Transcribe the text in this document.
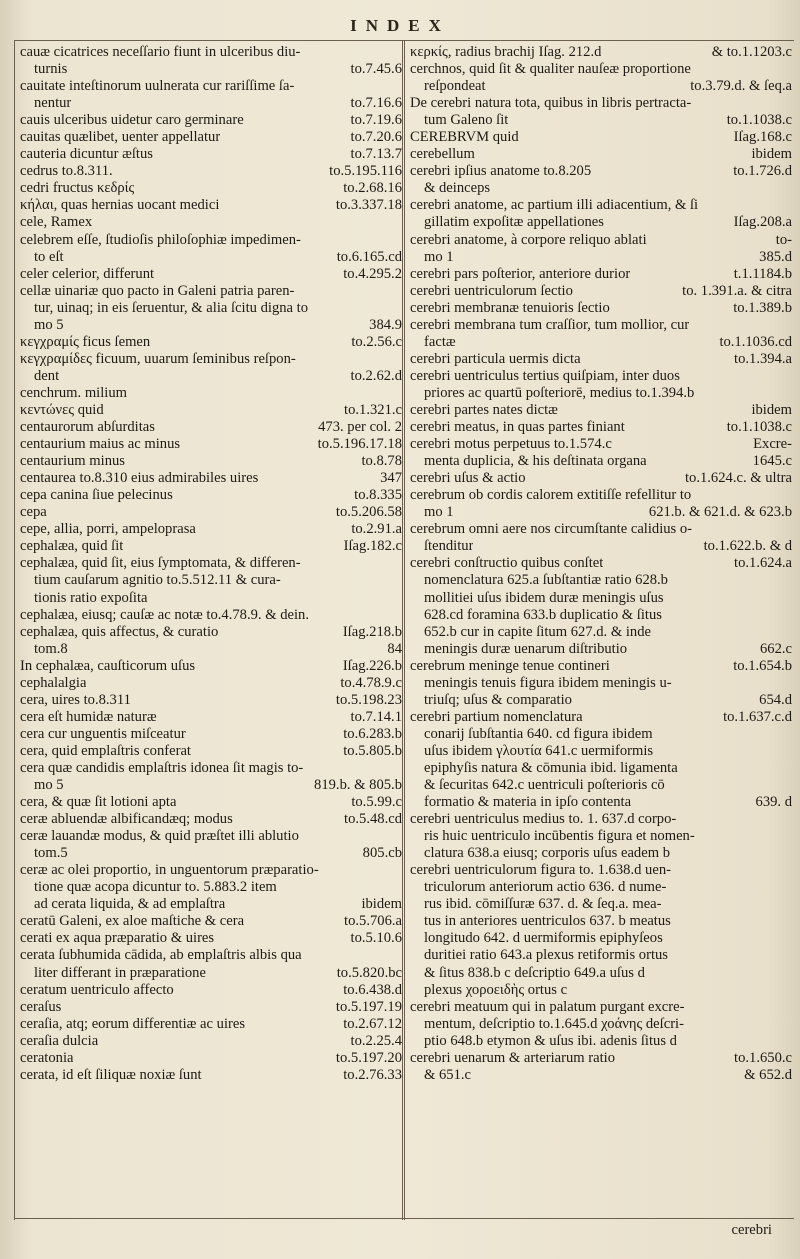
INDEX
cauæ cicatrices neceſſario fiunt in ulceribus diu-
turnis	to.7.45.6
cauitate inteſtinorum uulnerata cur rariſſime ſa-
nentur	to.7.16.6
cauis ulceribus uidetur caro germinare	to.7.19.6
cauitas quælibet, uenter appellatur	to.7.20.6
cauteria dicuntur æſtus	to.7.13.7
cedrus to.8.311.	to.5.195.116
cedri fructus κεδρίς	to.2.68.16
κήλαι, quas hernias uocant medici	to.3.337.18
cele, Ramex
celebrem eſſe, ſtudioſis philoſophiæ impedimen-
to eſt	to.6.165.cd
celer celerior, differunt	to.4.295.2
cellæ uinariæ quo pacto in Galeni patria paren-
tur, uinaq; in eis ſeruentur, & alia ſcitu digna to
mo 5	384.9
κεγχραμίς ficus ſemen	to.2.56.c
κεγχραμίδες ficuum, uuarum ſeminibus reſpon-
dent	to.2.62.d
cenchrum. milium
κεντώνες quid	to.1.321.c
centaurorum abſurditas	473. per col. 2
centaurium maius ac minus	to.5.196.17.18
centaurium minus	to.8.78
centaurea to.8.310 eius admirabiles uires	347
cepa canina ſiue pelecinus	to.8.335
cepa	to.5.206.58
cepe, allia, porri, ampeloprasa	to.2.91.a
cephalæa, quid ſit	Iſag.182.c
cephalæa, quid ſit, eius ſymptomata, & differen-
tium cauſarum agnitio to.5.512.11 & cura-
tionis ratio expoſita
cephalæa, eiusq; cauſæ ac notæ to.4.78.9. & dein.
cephalæa, quis affectus, & curatio	Iſag.218.b
tom.8	84
In cephalæa, cauſticorum uſus	Iſag.226.b
cephalalgia	to.4.78.9.c
cera, uires to.8.311	to.5.198.23
cera eſt humidæ naturæ	to.7.14.1
cera cur unguentis miſceatur	to.6.283.b
cera, quid emplaſtris conferat	to.5.805.b
cera quæ candidis emplaſtris idonea ſit magis to-
mo 5	819.b. & 805.b
cera, & quæ ſit lotioni apta	to.5.99.c
ceræ abluendæ albificandæq; modus	to.5.48.cd
ceræ lauandæ modus, & quid præſtet illi ablutio
tom.5	805.cb
ceræ ac olei proportio, in unguentorum præparatio-
tione quæ acopa dicuntur to. 5.883.2 item
ad cerata liquida, & ad emplaſtra	ibidem
ceratū Galeni, ex aloe maſtiche & cera	to.5.706.a
cerati ex aqua præparatio & uires	to.5.10.6
cerata ſubhumida cādida, ab emplaſtris albis qua
liter differant in præparatione	to.5.820.bc
ceratum uentriculo affecto	to.6.438.d
ceraſus	to.5.197.19
ceraſia, atq; eorum differentiæ ac uires	to.2.67.12
ceraſia dulcia	to.2.25.4
ceratonia	to.5.197.20
cerata, id eſt ſiliquæ noxiæ ſunt	to.2.76.33
κερκίς, radius brachij Iſag. 212.d	& to.1.1203.c
cerchnos, quid ſit & qualiter nauſeæ proportione
reſpondeat	to.3.79.d. & ſeq.a
De cerebri natura tota, quibus in libris pertracta-
tum Galeno ſit	to.1.1038.c
CEREBRVM quid	Iſag.168.c
cerebellum	ibidem
cerebri ipſius anatome to.8.205	to.1.726.d
& deinceps
cerebri anatome, ac partium illi adiacentium, & ſi
gillatim expoſitæ appellationes	Iſag.208.a
cerebri anatome, à corpore reliquo ablati	to-
mo 1	385.d
cerebri pars poſterior, anteriore durior	t.1.1184.b
cerebri uentriculorum ſectio	to. 1.391.a. & citra
cerebri membranæ tenuioris ſectio	to.1.389.b
cerebri membrana tum craſſior, tum mollior, cur
factæ	to.1.1036.cd
cerebri particula uermis dicta	to.1.394.a
cerebri uentriculus tertius quiſpiam, inter duos
priores ac quartū poſteriorē, medius to.1.394.b
cerebri partes nates dictæ	ibidem
cerebri meatus, in quas partes finiant	to.1.1038.c
cerebri motus perpetuus to.1.574.c	Excre-
menta duplicia, & his deſtinata organa	1645.c
cerebri uſus & actio	to.1.624.c. & ultra
cerebrum ob cordis calorem extitiſſe refellitur to
mo 1	621.b. & 621.d. & 623.b
cerebrum omni aere nos circumſtante calidius o-
ſtenditur	to.1.622.b. & d
cerebri conſtructio quibus conſtet	to.1.624.a
nomenclatura 625.a ſubſtantiæ ratio 628.b
mollitiei uſus ibidem duræ meningis uſus
628.cd foramina 633.b duplicatio & ſitus
652.b cur in capite ſitum 627.d. & inde
meningis duræ uenarum diſtributio	662.c
cerebrum meninge tenue contineri	to.1.654.b
meningis tenuis figura ibidem meningis u-
triuſq; uſus & comparatio	654.d
cerebri partium nomenclatura	to.1.637.c.d
conarij ſubſtantia 640. cd figura ibidem
uſus ibidem γλουτία 641.c uermiformis
epiphyſis natura & cōmunia ibid. ligamenta
& ſecuritas 642.c uentriculi poſterioris cō
formatio & materia in ipſo contenta	639. d
cerebri uentriculus medius to. 1. 637.d corpo-
ris huic uentriculo incūbentis figura et nomen-
clatura 638.a eiusq; corporis uſus eadem b
cerebri uentriculorum figura to. 1.638.d uen-
triculorum anteriorum actio 636. d nume-
rus ibid. cōmiſſuræ 637. d. & ſeq.a. mea-
tus in anteriores uentriculos 637. b meatus
longitudo 642. d uermiformis epiphyſeos
duritiei ratio 643.a plexus retiformis ortus
& ſitus 838.b c deſcriptio 649.a uſus d
plexus χοροειδὴς ortus c
cerebri meatuum qui in palatum purgant excre-
mentum, deſcriptio to.1.645.d χοάνης deſcri-
ptio 648.b etymon & uſus ibi. adenis ſitus d
cerebri uenarum & arteriarum ratio	to.1.650.c
& 651.c	& 652.d
cerebri
